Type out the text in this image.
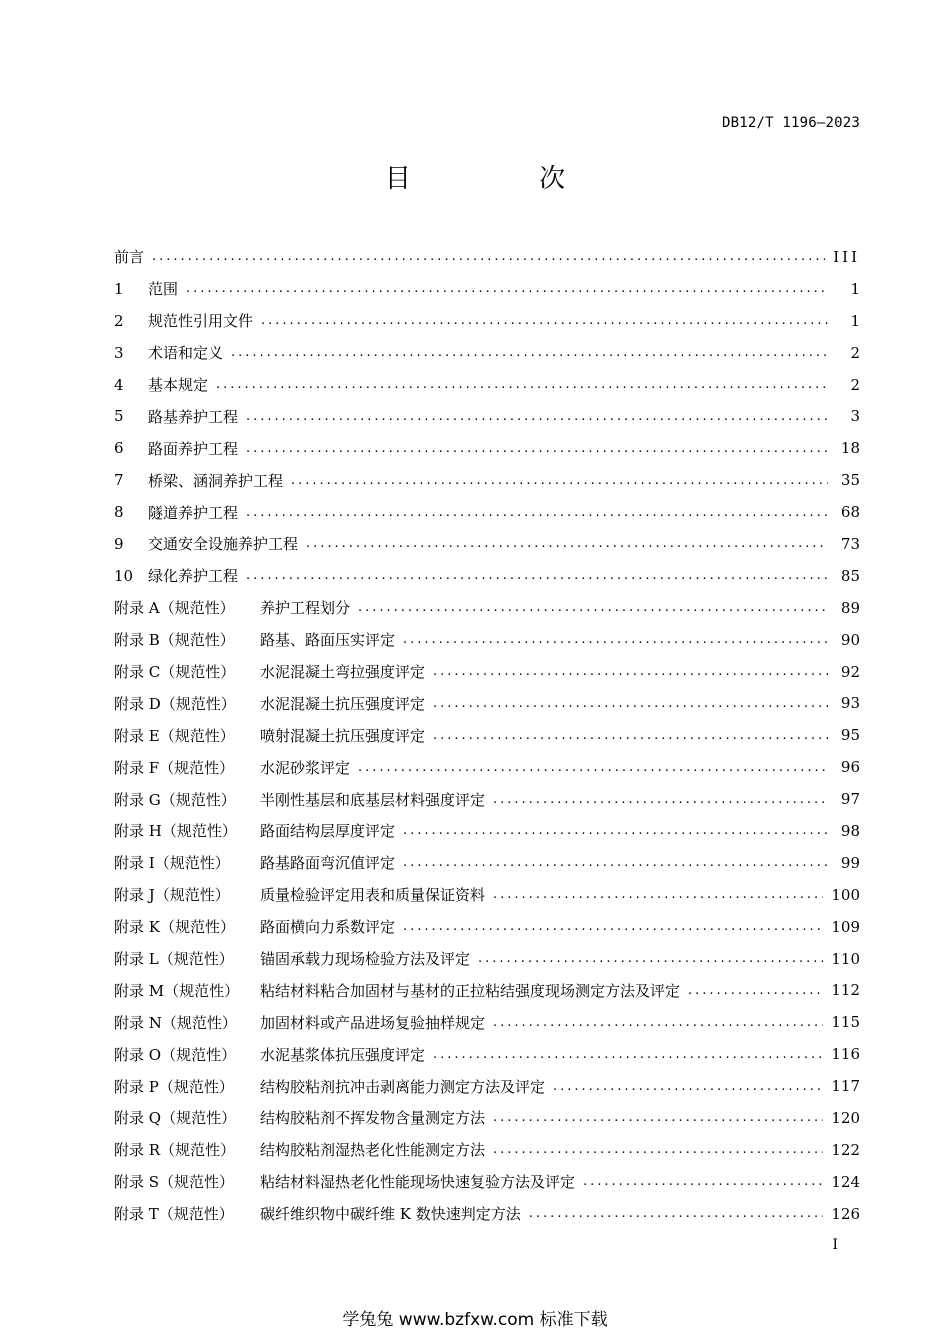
DB12/T 1196—2023
目 次
前言 .....	III
1	范围 .....	1
2	规范性引用文件 .....	1
3	术语和定义 .....	2
4	基本规定 .....	2
5	路基养护工程 .....	3
6	路面养护工程 .....	18
7	桥梁、涵洞养护工程 .....	35
8	隧道养护工程 .....	68
9	交通安全设施养护工程 .....	73
10 绿化养护工程 .....	85
附录 A（规范性）	养护工程划分 .....	89
附录 B（规范性）	路基、路面压实评定 .....	90
附录 C（规范性）	水泥混凝土弯拉强度评定 .....	92
附录 D（规范性）	水泥混凝土抗压强度评定 .....	93
附录 E（规范性）	喷射混凝土抗压强度评定 .....	95
附录 F（规范性）	水泥砂浆评定 .....	96
附录 G（规范性）	半刚性基层和底基层材料强度评定 .....	97
附录 H（规范性）	路面结构层厚度评定 .....	98
附录 I（规范性）	路基路面弯沉值评定 .....	99
附录 J（规范性）	质量检验评定用表和质量保证资料 .....	100
附录 K（规范性）	路面横向力系数评定 .....	109
附录 L（规范性）	锚固承载力现场检验方法及评定 .....	110
附录 M（规范性）	粘结材料粘合加固材与基材的正拉粘结强度现场测定方法及评定 .....	112
附录 N（规范性）	加固材料或产品进场复验抽样规定 .....	115
附录 O（规范性）	水泥基浆体抗压强度评定 .....	116
附录 P（规范性）	结构胶粘剂抗冲击剥离能力测定方法及评定 .....	117
附录 Q（规范性）	结构胶粘剂不挥发物含量测定方法 .....	120
附录 R（规范性）	结构胶粘剂湿热老化性能测定方法 .....	122
附录 S（规范性）	粘结材料湿热老化性能现场快速复验方法及评定 .....	124
附录 T（规范性）	碳纤维织物中碳纤维 K 数快速判定方法 .....	126
I
学兔兔 www.bzfxw.com 标准下载
